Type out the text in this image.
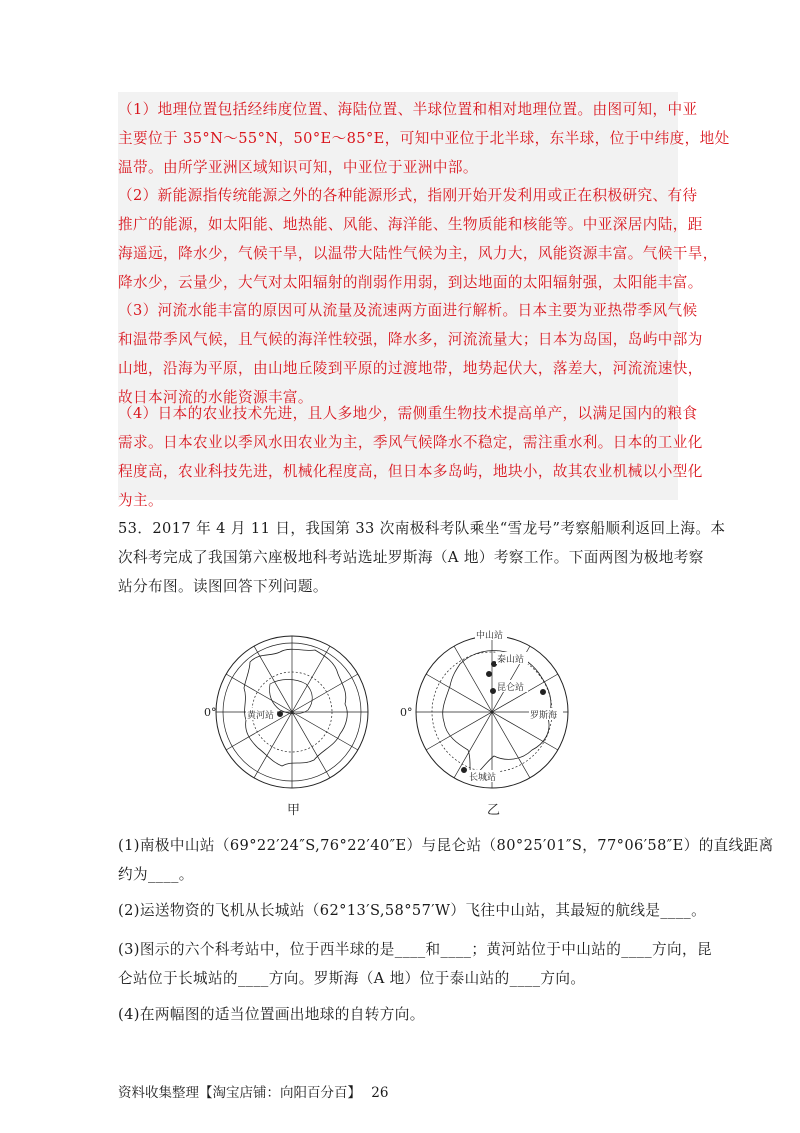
（1）地理位置包括经纬度位置、海陆位置、半球位置和相对地理位置。由图可知，中亚
主要位于 35°N～55°N，50°E～85°E，可知中亚位于北半球，东半球，位于中纬度，地处
温带。由所学亚洲区域知识可知，中亚位于亚洲中部。
（2）新能源指传统能源之外的各种能源形式，指刚开始开发利用或正在积极研究、有待
推广的能源，如太阳能、地热能、风能、海洋能、生物质能和核能等。中亚深居内陆，距
海遥远，降水少，气候干旱，以温带大陆性气候为主，风力大，风能资源丰富。气候干旱，
降水少，云量少，大气对太阳辐射的削弱作用弱，到达地面的太阳辐射强，太阳能丰富。
（3）河流水能丰富的原因可从流量及流速两方面进行解析。日本主要为亚热带季风气候
和温带季风气候，且气候的海洋性较强，降水多，河流流量大；日本为岛国，岛屿中部为
山地，沿海为平原，由山地丘陵到平原的过渡地带，地势起伏大，落差大，河流流速快，
故日本河流的水能资源丰富。
（4）日本的农业技术先进，且人多地少，需侧重生物技术提高单产，以满足国内的粮食
需求。日本农业以季风水田农业为主，季风气候降水不稳定，需注重水利。日本的工业化
程度高，农业科技先进，机械化程度高，但日本多岛屿，地块小，故其农业机械以小型化
为主。
53．2017 年 4 月 11 日，我国第 33 次南极科考队乘坐“雪龙号”考察船顺利返回上海。本
次科考完成了我国第六座极地科考站选址罗斯海（A 地）考察工作。下面两图为极地考察
站分布图。读图回答下列问题。
黄河站
0°
甲
中山站
泰山站
昆仑站
罗斯海
长城站
0°
乙
(1)南极中山站（69°22′24″S,76°22′40″E）与昆仑站（80°25′01″S，77°06′58″E）的直线距离
约为____。
(2)运送物资的飞机从长城站（62°13′S,58°57′W）飞往中山站，其最短的航线是____。
(3)图示的六个科考站中，位于西半球的是____和____；黄河站位于中山站的____方向，昆
仑站位于长城站的____方向。罗斯海（A 地）位于泰山站的____方向。
(4)在两幅图的适当位置画出地球的自转方向。
资料收集整理【淘宝店铺：向阳百分百】 26
